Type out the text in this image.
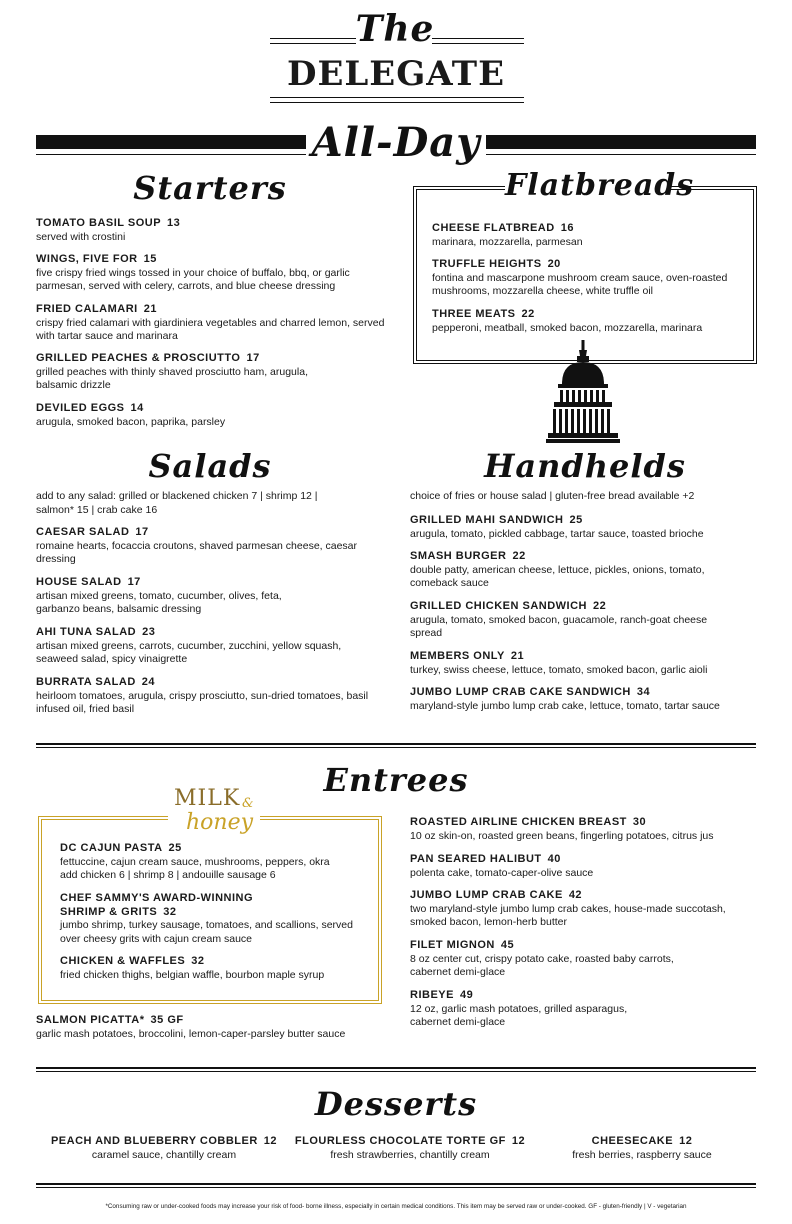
The
DELEGATE
All-Day
Starters
TOMATO BASIL SOUP 13
served with crostini
WINGS, FIVE FOR 15
five crispy fried wings tossed in your choice of buffalo, bbq, or garlic parmesan, served with celery, carrots, and blue cheese dressing
FRIED CALAMARI 21
crispy fried calamari with giardiniera vegetables and charred lemon, served with tartar sauce and marinara
GRILLED PEACHES & PROSCIUTTO 17
grilled peaches with thinly shaved prosciutto ham, arugula, balsamic drizzle
DEVILED EGGS 14
arugula, smoked bacon, paprika, parsley
Flatbreads
CHEESE FLATBREAD 16
marinara, mozzarella, parmesan
TRUFFLE HEIGHTS 20
fontina and mascarpone mushroom cream sauce, oven-roasted mushrooms, mozzarella cheese, white truffle oil
THREE MEATS 22
pepperoni, meatball, smoked bacon, mozzarella, marinara
Salads
add to any salad: grilled or blackened chicken 7 | shrimp 12 | salmon* 15 | crab cake 16
CAESAR SALAD 17
romaine hearts, focaccia croutons, shaved parmesan cheese, caesar dressing
HOUSE SALAD 17
artisan mixed greens, tomato, cucumber, olives, feta, garbanzo beans, balsamic dressing
AHI TUNA SALAD 23
artisan mixed greens, carrots, cucumber, zucchini, yellow squash, seaweed salad, spicy vinaigrette
BURRATA SALAD 24
heirloom tomatoes, arugula, crispy prosciutto, sun-dried tomatoes, basil infused oil, fried basil
Handhelds
choice of fries or house salad | gluten-free bread available +2
GRILLED MAHI SANDWICH 25
arugula, tomato, pickled cabbage, tartar sauce, toasted brioche
SMASH BURGER 22
double patty, american cheese, lettuce, pickles, onions, tomato, comeback sauce
GRILLED CHICKEN SANDWICH 22
arugula, tomato, smoked bacon, guacamole, ranch-goat cheese spread
MEMBERS ONLY 21
turkey, swiss cheese, lettuce, tomato, smoked bacon, garlic aioli
JUMBO LUMP CRAB CAKE SANDWICH 34
maryland-style jumbo lump crab cake, lettuce, tomato, tartar sauce
Entrees
MILK &
honey
DC CAJUN PASTA 25
fettuccine, cajun cream sauce, mushrooms, peppers, okra
add chicken 6 | shrimp 8 | andouille sausage 6
CHEF SAMMY'S AWARD-WINNING
SHRIMP & GRITS 32
jumbo shrimp, turkey sausage, tomatoes, and scallions, served over cheesy grits with cajun cream sauce
CHICKEN & WAFFLES 32
fried chicken thighs, belgian waffle, bourbon maple syrup
SALMON PICATTA* 35 GF
garlic mash potatoes, broccolini, lemon-caper-parsley butter sauce
ROASTED AIRLINE CHICKEN BREAST 30
10 oz skin-on, roasted green beans, fingerling potatoes, citrus jus
PAN SEARED HALIBUT 40
polenta cake, tomato-caper-olive sauce
JUMBO LUMP CRAB CAKE 42
two maryland-style jumbo lump crab cakes, house-made succotash, smoked bacon, lemon-herb butter
FILET MIGNON 45
8 oz center cut, crispy potato cake, roasted baby carrots, cabernet demi-glace
RIBEYE 49
12 oz, garlic mash potatoes, grilled asparagus, cabernet demi-glace
Desserts
PEACH AND BLUEBERRY COBBLER 12
caramel sauce, chantilly cream
FLOURLESS CHOCOLATE TORTE GF 12
fresh strawberries, chantilly cream
CHEESECAKE 12
fresh berries, raspberry sauce
*Consuming raw or under-cooked foods may increase your risk of food- borne illness, especially in certain medical conditions. This item may be served raw or under-cooked. GF - gluten-friendly | V - vegetarian
